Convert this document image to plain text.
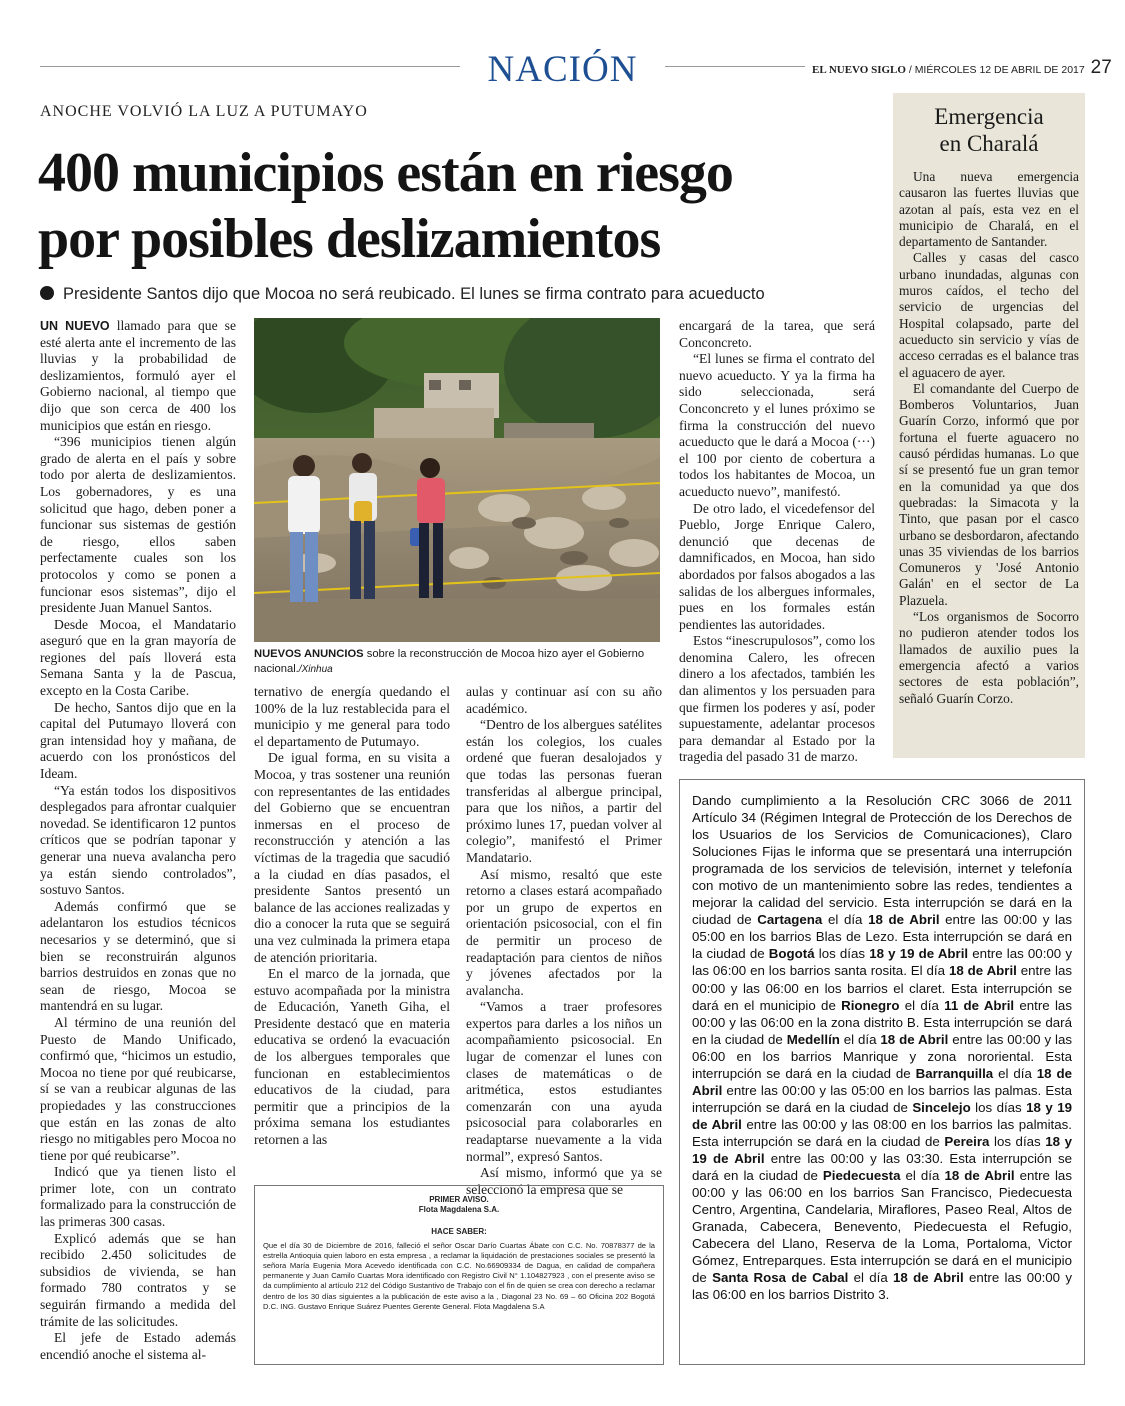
NACIÓN	EL NUEVO SIGLO / MIÉRCOLES 12 DE ABRIL DE 2017 27
ANOCHE VOLVIÓ LA LUZ A PUTUMAYO
400 municipios están en riesgo
por posibles deslizamientos
Presidente Santos dijo que Mocoa no será reubicado. El lunes se firma contrato para acueducto

UN NUEVO llamado para que se esté alerta ante el incremento de las lluvias y la probabilidad de deslizamientos, formuló ayer el Gobierno nacional, al tiempo que dijo que son cerca de 400 los municipios que están en riesgo.

“396 municipios tienen algún grado de alerta en el país y sobre todo por alerta de deslizamientos. Los gobernadores, y es una solicitud que hago, deben poner a funcionar sus sistemas de gestión de riesgo, ellos saben perfectamente cuales son los protocolos y como se ponen a funcionar esos sistemas”, dijo el presidente Juan Manuel Santos.

Desde Mocoa, el Mandatario aseguró que en la gran mayoría de regiones del país lloverá esta Semana Santa y la de Pascua, excepto en la Costa Caribe.

De hecho, Santos dijo que en la capital del Putumayo lloverá con gran intensidad hoy y mañana, de acuerdo con los pronósticos del Ideam.

“Ya están todos los dispositivos desplegados para afrontar cualquier novedad. Se identificaron 12 puntos críticos que se podrían taponar y generar una nueva avalancha pero ya están siendo controlados”, sostuvo Santos.

Además confirmó que se adelantaron los estudios técnicos necesarios y se determinó, que si bien se reconstruirán algunos barrios destruidos en zonas que no sean de riesgo, Mocoa se mantendrá en su lugar.

Al término de una reunión del Puesto de Mando Unificado, confirmó que, “hicimos un estudio, Mocoa no tiene por qué reubicarse, sí se van a reubicar algunas de las propiedades y las construcciones que están en las zonas de alto riesgo no mitigables pero Mocoa no tiene por qué reubicarse”.

Indicó que ya tienen listo el primer lote, con un contrato formalizado para la construcción de las primeras 300 casas.

Explicó además que se han recibido 2.450 solicitudes de subsidios de vivienda, se han formado 780 contratos y se seguirán firmando a medida del trámite de las solicitudes.

El jefe de Estado además encendió anoche el sistema al-

NUEVOS ANUNCIOS sobre la reconstrucción de Mocoa hizo ayer el Gobierno nacional./Xinhua

ternativo de energía quedando el 100% de la luz restablecida para el municipio y me general para todo el departamento de Putumayo.

De igual forma, en su visita a Mocoa, y tras sostener una reunión con representantes de las entidades del Gobierno que se encuentran inmersas en el proceso de reconstrucción y atención a las víctimas de la tragedia que sacudió a la ciudad en días pasados, el presidente Santos presentó un balance de las acciones realizadas y dio a conocer la ruta que se seguirá una vez culminada la primera etapa de atención prioritaria.

En el marco de la jornada, que estuvo acompañada por la ministra de Educación, Yaneth Giha, el Presidente destacó que en materia educativa se ordenó la evacuación de los albergues temporales que funcionan en establecimientos educativos de la ciudad, para permitir que a principios de la próxima semana los estudiantes retornen a las

aulas y continuar así con su año académico.

“Dentro de los albergues satélites están los colegios, los cuales ordené que fueran desalojados y que todas las personas fueran transferidas al albergue principal, para que los niños, a partir del próximo lunes 17, puedan volver al colegio”, manifestó el Primer Mandatario.

Así mismo, resaltó que este retorno a clases estará acompañado por un grupo de expertos en orientación psicosocial, con el fin de permitir un proceso de readaptación para cientos de niños y jóvenes afectados por la avalancha.

“Vamos a traer profesores expertos para darles a los niños un acompañamiento psicosocial. En lugar de comenzar el lunes con clases de matemáticas o de aritmética, estos estudiantes comenzarán con una ayuda psicosocial para colaborarles en readaptarse nuevamente a la vida normal”, expresó Santos.

Así mismo, informó que ya se seleccionó la empresa que se

encargará de la tarea, que será Conconcreto.

“El lunes se firma el contrato del nuevo acueducto. Y ya la firma ha sido seleccionada, será Conconcreto y el lunes próximo se firma la construcción del nuevo acueducto que le dará a Mocoa (···) el 100 por ciento de cobertura a todos los habitantes de Mocoa, un acueducto nuevo”, manifestó.

De otro lado, el vicedefensor del Pueblo, Jorge Enrique Calero, denunció que decenas de damnificados, en Mocoa, han sido abordados por falsos abogados a las salidas de los albergues informales, pues en los formales están pendientes las autoridades.

Estos “inescrupulosos”, como los denomina Calero, les ofrecen dinero a los afectados, también les dan alimentos y los persuaden para que firmen los poderes y así, poder supuestamente, adelantar procesos para demandar al Estado por la tragedia del pasado 31 de marzo.

Emergencia
en Charalá

Una nueva emergencia causaron las fuertes lluvias que azotan al país, esta vez en el municipio de Charalá, en el departamento de Santander.

Calles y casas del casco urbano inundadas, algunas con muros caídos, el techo del servicio de urgencias del Hospital colapsado, parte del acueducto sin servicio y vías de acceso cerradas es el balance tras el aguacero de ayer.

El comandante del Cuerpo de Bomberos Voluntarios, Juan Guarín Corzo, informó que por fortuna el fuerte aguacero no causó pérdidas humanas. Lo que sí se presentó fue un gran temor en la comunidad ya que dos quebradas: la Simacota y la Tinto, que pasan por el casco urbano se desbordaron, afectando unas 35 viviendas de los barrios Comuneros y 'José Antonio Galán' en el sector de La Plazuela.

“Los organismos de Socorro no pudieron atender todos los llamados de auxilio pues la emergencia afectó a varios sectores de esta población”, señaló Guarín Corzo.

Dando cumplimiento a la Resolución CRC 3066 de 2011 Artículo 34 (Régimen Integral de Protección de los Derechos de los Usuarios de los Servicios de Comunicaciones), Claro Soluciones Fijas le informa que se presentará una interrupción programada de los servicios de televisión, internet y telefonía con motivo de un mantenimiento sobre las redes, tendientes a mejorar la calidad del servicio. Esta interrupción se dará en la ciudad de Cartagena el día 18 de Abril entre las 00:00 y las 05:00 en los barrios Blas de Lezo. Esta interrupción se dará en la ciudad de Bogotá los días 18 y 19 de Abril entre las 00:00 y las 06:00 en los barrios santa rosita. El día 18 de Abril entre las 00:00 y las 06:00 en los barrios el claret. Esta interrupción se dará en el municipio de Rionegro el día 11 de Abril entre las 00:00 y las 06:00 en la zona distrito B. Esta interrupción se dará en la ciudad de Medellín el día 18 de Abril entre las 00:00 y las 06:00 en los barrios Manrique y zona nororiental. Esta interrupción se dará en la ciudad de Barranquilla el día 18 de Abril entre las 00:00 y las 05:00 en los barrios las palmas. Esta interrupción se dará en la ciudad de Sincelejo los días 18 y 19 de Abril entre las 00:00 y las 08:00 en los barrios las palmitas. Esta interrupción se dará en la ciudad de Pereira los días 18 y 19 de Abril entre las 00:00 y las 03:30. Esta interrupción se dará en la ciudad de Piedecuesta el día 18 de Abril entre las 00:00 y las 06:00 en los barrios San Francisco, Piedecuesta Centro, Argentina, Candelaria, Miraflores, Paseo Real, Altos de Granada, Cabecera, Benevento, Piedecuesta el Refugio, Cabecera del Llano, Reserva de la Loma, Portaloma, Victor Gómez, Entreparques. Esta interrupción se dará en el municipio de Santa Rosa de Cabal el día 18 de Abril entre las 00:00 y las 06:00 en los barrios Distrito 3.
PRIMER AVISO.
Flota Magdalena S.A.
HACE SABER:
Que el día 30 de Diciembre de 2016, falleció el señor Oscar Darío Cuartas Ábate con C.C. No. 70878377 de la estrella Antioquia quien laboro en esta empresa , a reclamar la liquidación de prestaciones sociales se presentó la señora María Eugenia Mora Acevedo identificada con C.C. No.66909334 de Dagua, en calidad de compañera permanente y Juan Camilo Cuartas Mora identificado con Registro Civil N° 1.104827923 , con el presente aviso se da cumplimiento al artículo 212 del Código Sustantivo de Trabajo con el fin de quien se crea con derecho a reclamar dentro de los 30 días siguientes a la publicación de este aviso a la , Diagonal 23 No. 69 – 60 Oficina 202 Bogotá D.C. ING. Gustavo Enrique Suárez Puentes Gerente General. Flota Magdalena S.A
